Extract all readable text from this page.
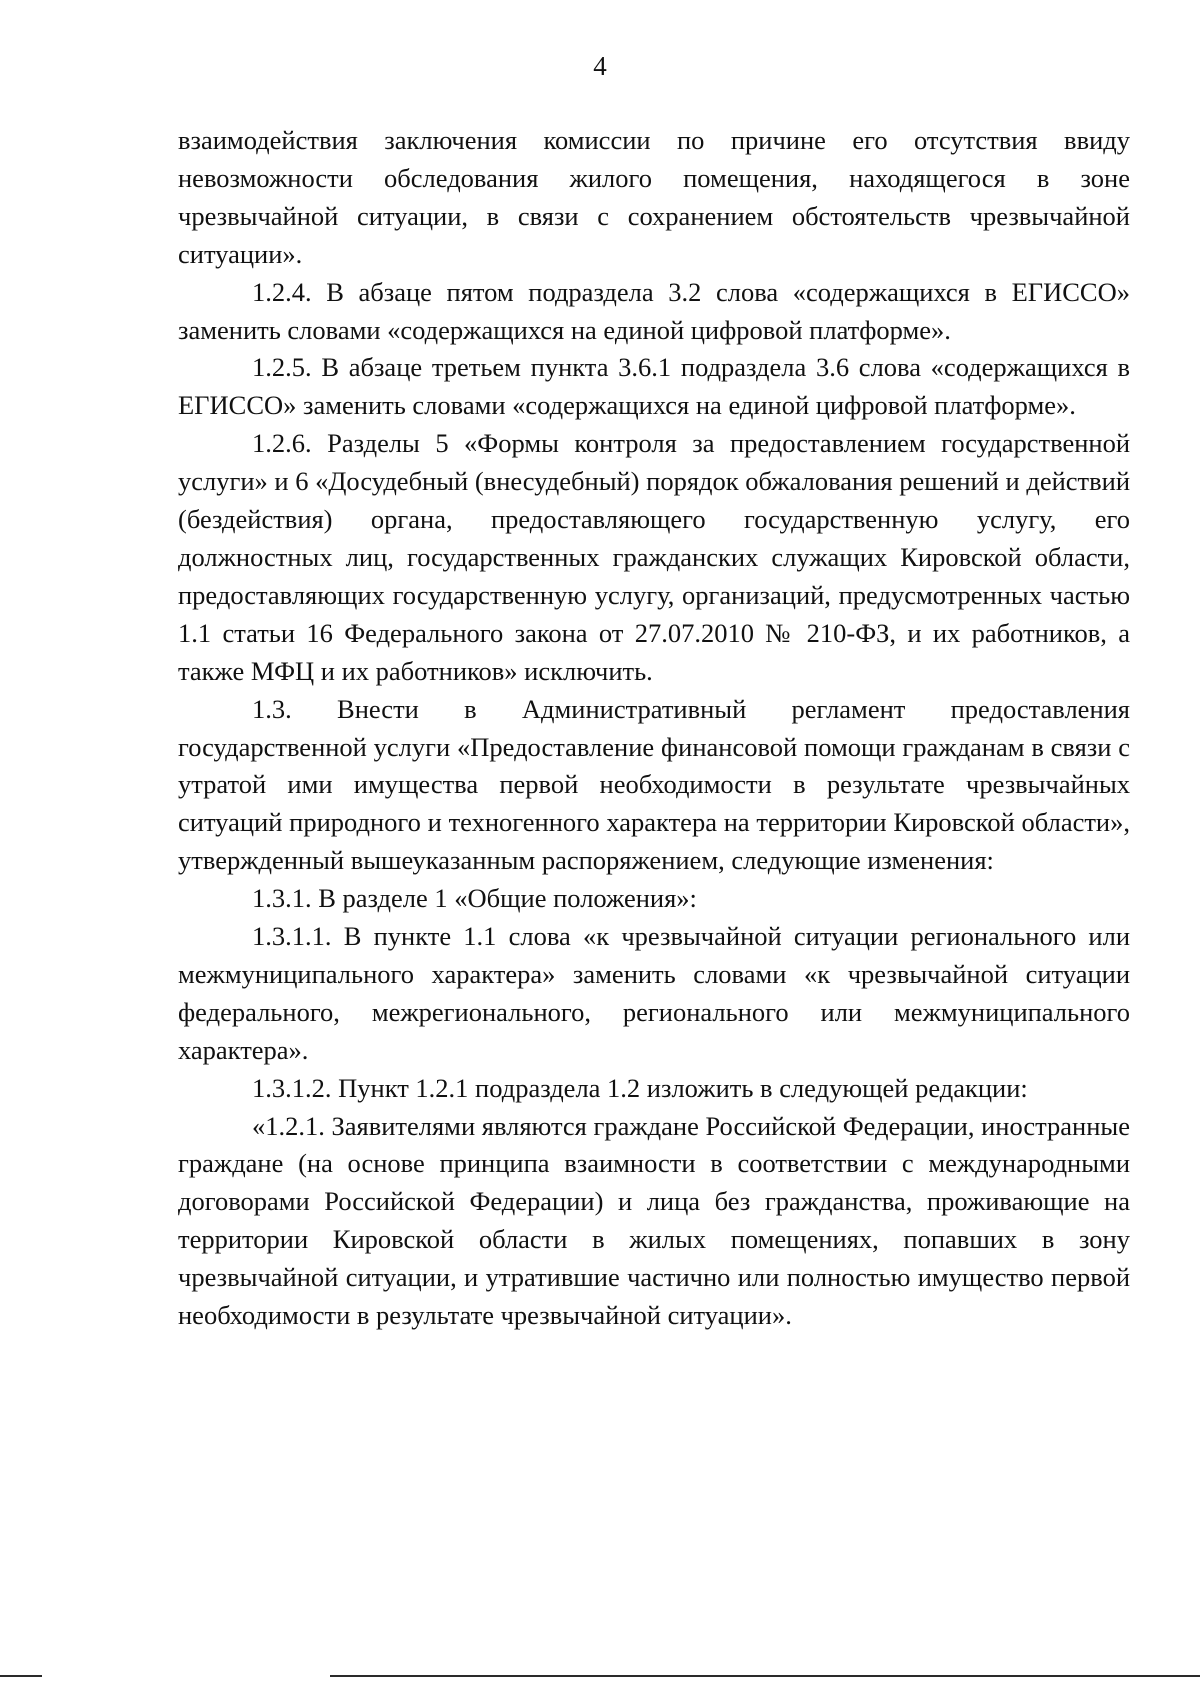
4

взаимодействия заключения комиссии по причине его отсутствия ввиду невозможности обследования жилого помещения, находящегося в зоне чрезвычайной ситуации, в связи с сохранением обстоятельств чрезвычайной ситуации».

1.2.4. В абзаце пятом подраздела 3.2 слова «содержащихся в ЕГИССО» заменить словами «содержащихся на единой цифровой платформе».

1.2.5. В абзаце третьем пункта 3.6.1 подраздела 3.6 слова «содержащихся в ЕГИССО» заменить словами «содержащихся на единой цифровой платформе».

1.2.6. Разделы 5 «Формы контроля за предоставлением государственной услуги» и 6 «Досудебный (внесудебный) порядок обжалования решений и действий (бездействия) органа, предоставляющего государственную услугу, его должностных лиц, государственных гражданских служащих Кировской области, предоставляющих государственную услугу, организаций, предусмотренных частью 1.1 статьи 16 Федерального закона от 27.07.2010 № 210-ФЗ, и их работников, а также МФЦ и их работников» исключить.

1.3. Внести в Административный регламент предоставления государственной услуги «Предоставление финансовой помощи гражданам в связи с утратой ими имущества первой необходимости в результате чрезвычайных ситуаций природного и техногенного характера на территории Кировской области», утвержденный вышеуказанным распоряжением, следующие изменения:

1.3.1. В разделе 1 «Общие положения»:

1.3.1.1. В пункте 1.1 слова «к чрезвычайной ситуации регионального или межмуниципального характера» заменить словами «к чрезвычайной ситуации федерального, межрегионального, регионального или межмуниципального характера».

1.3.1.2. Пункт 1.2.1 подраздела 1.2 изложить в следующей редакции:

«1.2.1. Заявителями являются граждане Российской Федерации, иностранные граждане (на основе принципа взаимности в соответствии с международными договорами Российской Федерации) и лица без гражданства, проживающие на территории Кировской области в жилых помещениях, попавших в зону чрезвычайной ситуации, и утратившие частично или полностью имущество первой необходимости в результате чрезвычайной ситуации».
